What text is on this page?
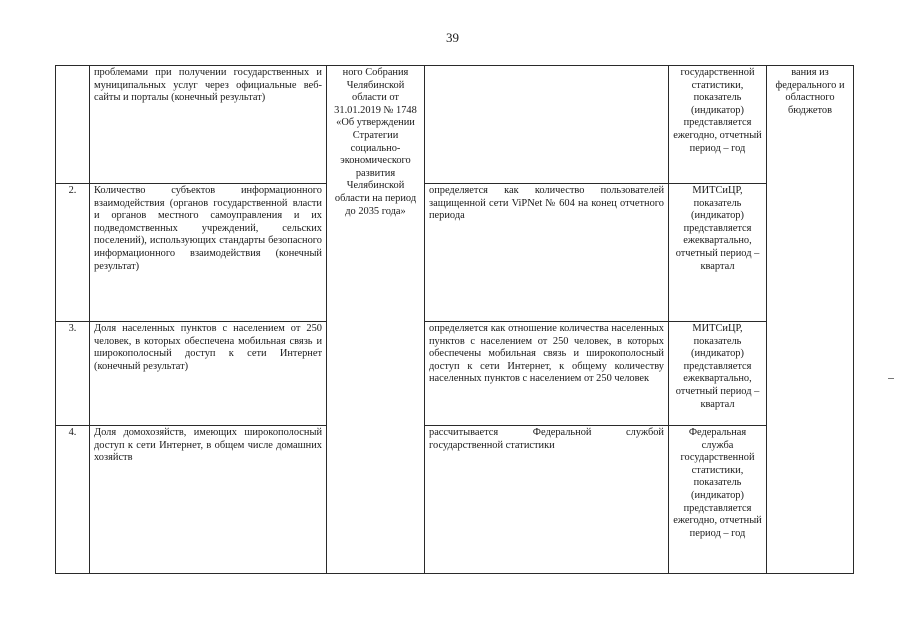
39

	проблемами при получении государственных и муниципальных услуг через официальные веб-сайты и порталы (конечный результат)	ного Собрания Челябинской области от 31.01.2019 № 1748 «Об утверждении Стратегии социально-экономического развития Челябинской области на период до 2035 года»		государственной статистики, показатель (индикатор) представляется ежегодно, отчетный период – год	вания из федерального и областного бюджетов

2.	Количество субъектов информационного взаимодействия (органов государственной власти и органов местного самоуправления и их подведомственных учреждений, сельских поселений), использующих стандарты безопасного информационного взаимодействия (конечный результат)		определяется как количество пользователей защищенной сети ViPNet № 604 на конец отчетного периода	МИТСиЦР, показатель (индикатор) представляется ежеквартально, отчетный период – квартал	

3.	Доля населенных пунктов с населением от 250 человек, в которых обеспечена мобильная связь и широкополосный доступ к сети Интернет (конечный результат)		определяется как отношение количества населенных пунктов с населением от 250 человек, в которых обеспечены мобильная связь и широкополосный доступ к сети Интернет, к общему количеству населенных пунктов с населением от 250 человек	МИТСиЦР, показатель (индикатор) представляется ежеквартально, отчетный период – квартал	

4.	Доля домохозяйств, имеющих широкополосный доступ к сети Интернет, в общем числе домашних хозяйств		рассчитывается Федеральной службой государственной статистики	Федеральная служба государственной статистики, показатель (индикатор) представляется ежегодно, отчетный период – год	
